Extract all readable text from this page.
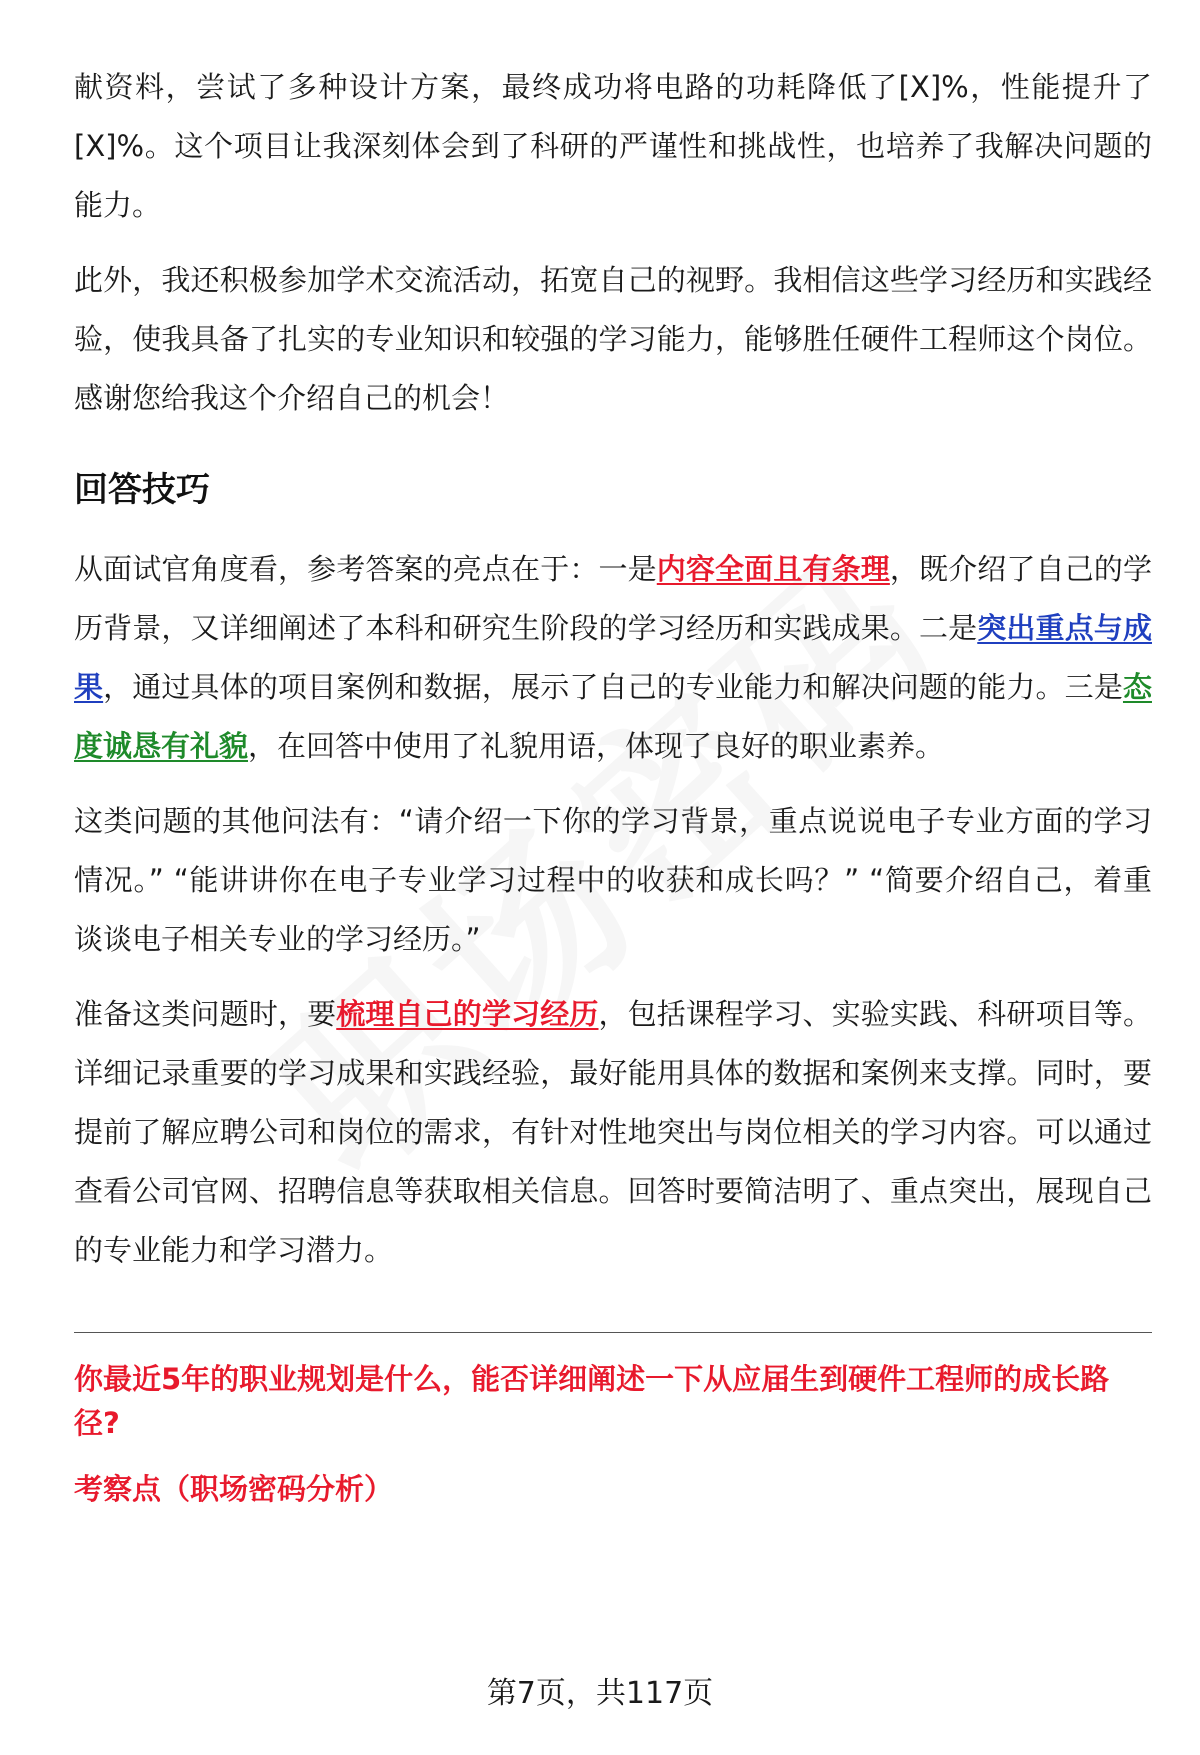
献资料，尝试了多种设计方案，最终成功将电路的功耗降低了[X]%，性能提升了[X]%。这个项目让我深刻体会到了科研的严谨性和挑战性，也培养了我解决问题的能力。

此外，我还积极参加学术交流活动，拓宽自己的视野。我相信这些学习经历和实践经验，使我具备了扎实的专业知识和较强的学习能力，能够胜任硬件工程师这个岗位。感谢您给我这个介绍自己的机会！

回答技巧

从面试官角度看，参考答案的亮点在于：一是内容全面且有条理，既介绍了自己的学历背景，又详细阐述了本科和研究生阶段的学习经历和实践成果。二是突出重点与成果，通过具体的项目案例和数据，展示了自己的专业能力和解决问题的能力。三是态度诚恳有礼貌，在回答中使用了礼貌用语，体现了良好的职业素养。

这类问题的其他问法有：“请介绍一下你的学习背景，重点说说电子专业方面的学习情况。” “能讲讲你在电子专业学习过程中的收获和成长吗？” “简要介绍自己，着重谈谈电子相关专业的学习经历。”

准备这类问题时，要梳理自己的学习经历，包括课程学习、实验实践、科研项目等。详细记录重要的学习成果和实践经验，最好能用具体的数据和案例来支撑。同时，要提前了解应聘公司和岗位的需求，有针对性地突出与岗位相关的学习内容。可以通过查看公司官网、招聘信息等获取相关信息。回答时要简洁明了、重点突出，展现自己的专业能力和学习潜力。

你最近5年的职业规划是什么，能否详细阐述一下从应届生到硬件工程师的成长路径?

考察点（职场密码分析）

第7页，共117页
